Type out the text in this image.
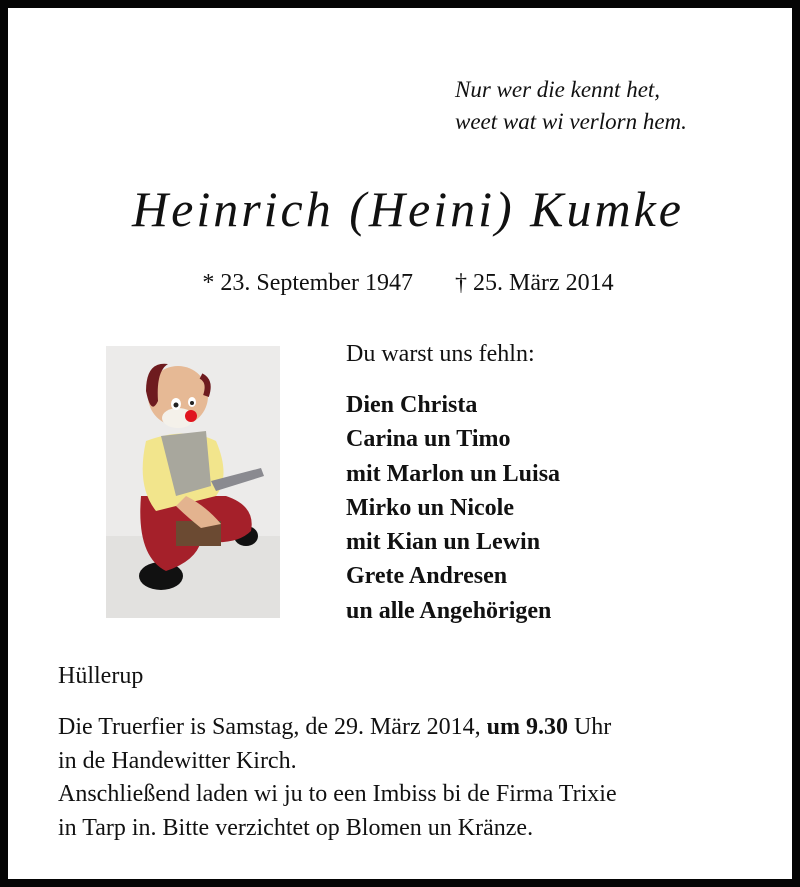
Nur wer die kennt het,
weet wat wi verlorn hem.
Heinrich (Heini) Kumke
* 23. September 1947 † 25. März 2014
Du warst uns fehln:
Dien Christa
Carina un Timo
mit Marlon un Luisa
Mirko un Nicole
mit Kian un Lewin
Grete Andresen
un alle Angehörigen
Hüllerup
Die Truerfier is Samstag, de 29. März 2014, um 9.30 Uhr
in de Handewitter Kirch.
Anschließend laden wi ju to een Imbiss bi de Firma Trixie
in Tarp in. Bitte verzichtet op Blomen un Kränze.
